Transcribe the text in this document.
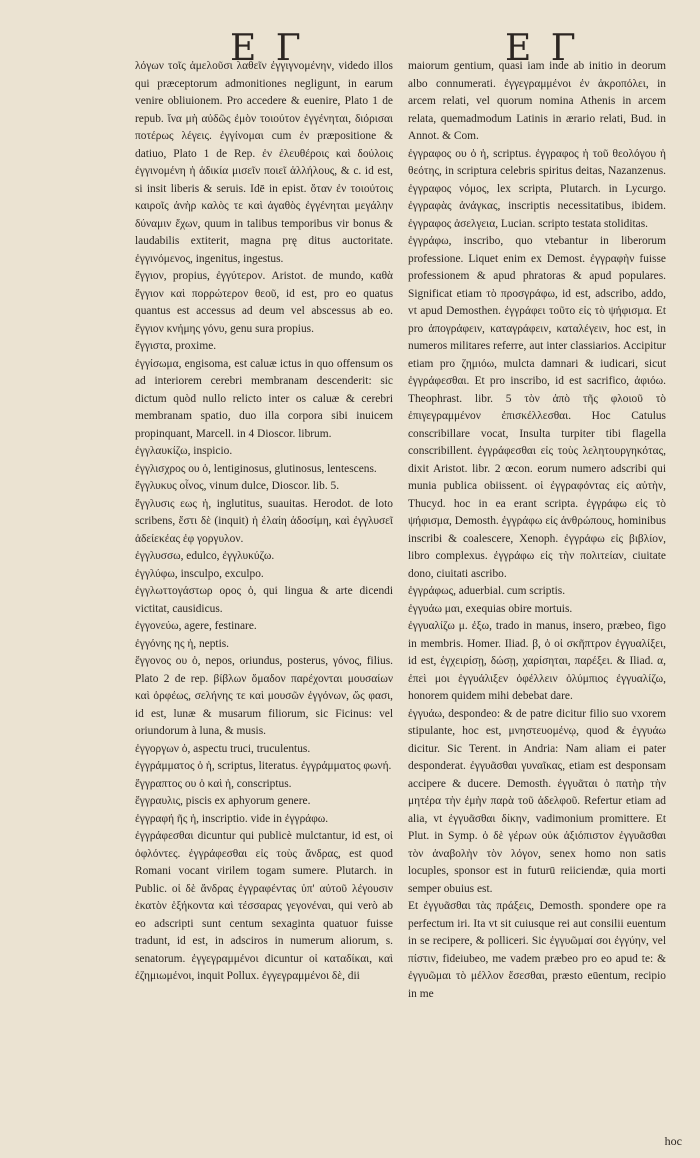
E Γ	E Γ

λόγων τοῖς ἀμελοῦσι λαθεῖν ἐγγιγνομένην, videdo illos qui præceptorum admonitiones negligunt, in earum venire obliuionem. Pro accedere & euenire, Plato 1 de repub. ἵνα μὴ αὐδῶς ἐμὸν τοιούτον ἐγγένηται, διόρισαι ποτέρως λέγεις. ἐγγίνομαι cum ἐν præpositione & datiuo, Plato 1 de Rep. ἐν ἐλευθέροις καὶ δούλοις ἐγγινομένη ἡ ἀδικία μισεῖν ποιεῖ ἀλλήλους, & c. id est, si insit liberis & seruis. Idē in epist. ὅταν ἐν τοιούτοις καιροῖς ἀνὴρ καλὸς τε καὶ ἀγαθὸς ἐγγένηται μεγάλην δύναμιν ἔχων, quum in talibus temporibus vir bonus & laudabilis extiterit, magna prę ditus auctoritate. ἐγγινόμενος, ingenitus, ingestus.

ἔγγιον, propius, ἐγγύτερον. Aristot. de mundo, καθὰ ἔγγιον καὶ πορρώτερον θεοῦ, id est, pro eo quatus quantus est accessus ad deum vel abscessus ab eo. ἔγγιον κνήμης γόνυ, genu sura propius.

ἔγγιστα, proxime.

ἐγγίσωμα, engisoma, est caluæ ictus in quo offensum os ad interiorem cerebri membranam descenderit: sic dictum quòd nullo relicto inter os caluæ & cerebri membranam spatio, duo illa corpora sibi inuicem propinquant, Marcell. in 4 Dioscor. librum.

ἐγγλαυκίζω, inspicio.

ἐγγλισχρος ου ὁ, lentiginosus, glutinosus, lentescens.

ἔγγλυκυς οἶνος, vinum dulce, Dioscor. lib. 5.

ἔγγλυσις εως ἡ, inglutitus, suauitas. Herodot. de loto scribens, ἔστι δὲ (inquit) ἡ ἐλαίη ἀδοσίμη, καὶ ἐγγλυσεῖ ἀδείεκέας ἐφ γοργυλον.

ἐγγλυσσω, edulco, ἐγγλυκύζω.

ἐγγλύφω, insculpo, exculpo.

ἐγγλωττογάστωρ ορος ὁ, qui lingua & arte dicendi victitat, causidicus.

ἐγγονεύω, agere, festinare.

ἐγγόνης ης ἡ, neptis.

ἔγγονος ου ὁ, nepos, oriundus, posterus, γόνος, filius. Plato 2 de rep. βίβλων ὅμαδον παρέχονται μουσαίων καὶ ὀρφέως, σελήνης τε καὶ μουσῶν ἐγγόνων, ὥς φασι, id est, lunæ & musarum filiorum, sic Ficinus: vel oriundorum à luna, & musis.

ἐγγοργων ὁ, aspectu truci, truculentus.

ἐγγράμματος ὁ ἡ, scriptus, literatus. ἐγγράμματος φωνή.

ἔγγραπτος ου ὁ καὶ ἡ, conscriptus.

ἔγγραυλις, piscis ex aphyorum genere.

ἐγγραφή ῆς ἡ, inscriptio. vide in ἐγγράφω.

ἐγγράφεσθαι dicuntur qui publicè mulctantur, id est, οἱ ὀφλόντες. ἐγγράφεσθαι εἰς τοὺς ἄνδρας, est quod Romani vocant virilem togam sumere. Plutarch. in Public. οἱ δὲ ἄνδρας ἐγγραφέντας ὑπ' αὐτοῦ λέγουσιν ἑκατὸν ἑξήκοντα καὶ τέσσαρας γεγονέναι, qui verò ab eo adscripti sunt centum sexaginta quatuor fuisse tradunt, id est, in adsciros in numerum aliorum, s. senatorum. ἐγγεγραμμένοι dicuntur οἱ καταδίκαι, καὶ ἐζημιωμένοι, inquit Pollux. ἐγγεγραμμένοι δὲ, dii

maiorum gentium, quasi iam inde ab initio in deorum albo connumerati. ἐγγεγραμμένοι ἐν ἀκροπόλει, in arcem relati, vel quorum nomina Athenis in arcem relata, quemadmodum Latinis in ærario relati, Bud. in Annot. & Com.

ἐγγραφος ου ὁ ἡ, scriptus. ἐγγραφος ἡ τοῦ θεολόγου ἡ θεότης, in scriptura celebris spiritus deitas, Nazanzenus. ἐγγραφος νόμος, lex scripta, Plutarch. in Lycurgo. ἐγγραφὰς ἀνάγκας, inscriptis necessitatibus, ibidem. ἐγγραφος ἀσελγεια, Lucian. scripto testata stoliditas.

ἐγγράφω, inscribo, quo vtebantur in liberorum professione. Liquet enim ex Demost. ἐγγραφὴν fuisse professionem & apud phratoras & apud populares. Significat etiam τὸ προσγράφω, id est, adscribo, addo, vt apud Demosthen. ἐγγράφει τοῦτο εἰς τὸ ψήφισμα. Et pro ἀπογράφειν, καταγράφειν, καταλέγειν, hoc est, in numeros militares referre, aut inter classiarios. Accipitur etiam pro ζημιόω, mulcta damnari & iudicari, sicut ἐγγράφεσθαι. Et pro inscribo, id est sacrifico, ἀφιόω. Theophrast. libr. 5 τὸν ἀπὸ τῆς φλοιοῦ τὸ ἐπιγεγραμμένον ἐπισκέλλεσθαι. Hoc Catulus conscribillare vocat, Insulta turpiter tibi flagella conscribillent. ἐγγράφεσθαι εἰς τοὺς λελητουργηκότας, dixit Aristot. libr. 2 œcon. eorum numero adscribi qui munia publica obiissent. οἱ ἐγγραφόντας εἰς αὐτὴν, Thucyd. hoc in ea erant scripta. ἐγγράφω εἰς τὸ ψήφισμα, Demosth. ἐγγράφω εἰς ἀνθρώπους, hominibus inscribi & coalescere, Xenoph. ἐγγράφω εἰς βιβλίον, libro complexus. ἐγγράφω εἰς τὴν πολιτείαν, ciuitate dono, ciuitati ascribo.

ἐγγράφως, aduerbial. cum scriptis.

ἐγγυάω μαι, exequias obire mortuis.

ἐγγυαλίζω μ. ἐξω, trado in manus, insero, præbeo, figo in membris. Homer. Iliad. β, ὁ οἱ σκῆπτρον ἐγγυαλίξει, id est, ἐγχειρίσῃ, δώσῃ, χαρίσηται, παρέξει. & Iliad. α, ἐπεὶ μοι ἐγγυάλιξεν ὀφέλλειν ὀλύμπιος ἐγγυαλίζω, honorem quidem mihi debebat dare.

ἐγγυάω, despondeo: & de patre dicitur filio suo vxorem stipulante, hoc est, μνηστευομένῳ, quod & ἐγγυάω dicitur. Sic Terent. in Andria: Nam aliam ei pater desponderat. ἐγγυᾶσθαι γυναῖκας, etiam est desponsam accipere & ducere. Demosth. ἐγγυᾶται ὁ πατὴρ τὴν μητέρα τὴν ἐμὴν παρὰ τοῦ ἀδελφοῦ. Refertur etiam ad alia, vt ἐγγυᾶσθαι δίκην, vadimonium promittere. Et Plut. in Symp. ὁ δὲ γέρων οὐκ ἀξιόπιστον ἐγγυᾶσθαι τὸν ἀναβολὴν τὸν λόγον, senex homo non satis locuples, sponsor est in futurū reiiciendæ, quia morti semper obuius est.

Et ἐγγυᾶσθαι τὰς πράξεις, Demosth. spondere ope ra perfectum iri. Ita vt sit cuiusque rei aut consilii euentum in se recipere, & polliceri. Sic ἐγγυῶμαί σοι ἐγγύην, vel πίστιν, fideiubeo, me vadem præbeo pro eo apud te: & ἐγγυῶμαι τὸ μέλλον ἔσεσθαι, præsto eūentum, recipio in me

hoc
